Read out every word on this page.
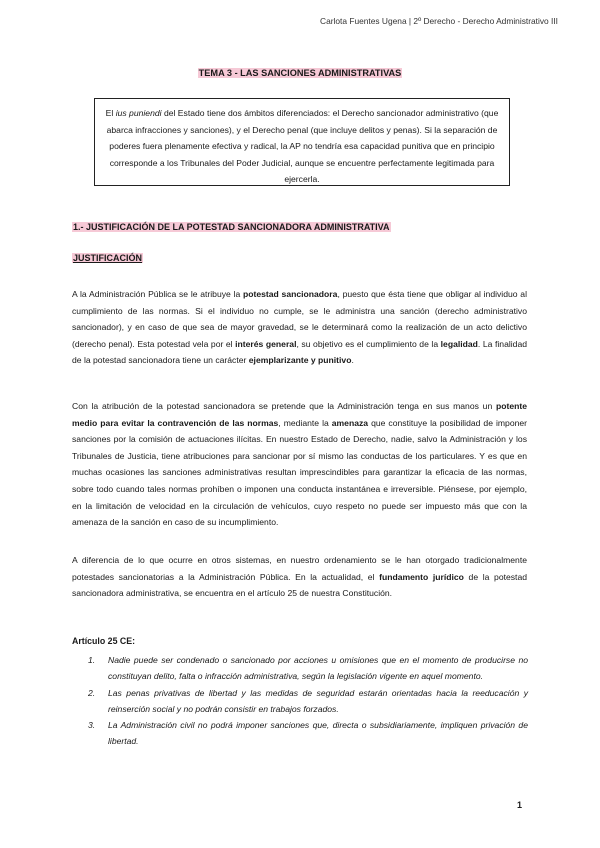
Carlota Fuentes Ugena | 2º Derecho - Derecho Administrativo III
TEMA 3 - LAS SANCIONES ADMINISTRATIVAS
El ius puniendi del Estado tiene dos ámbitos diferenciados: el Derecho sancionador administrativo (que abarca infracciones y sanciones), y el Derecho penal (que incluye delitos y penas). Si la separación de poderes fuera plenamente efectiva y radical, la AP no tendría esa capacidad punitiva que en principio corresponde a los Tribunales del Poder Judicial, aunque se encuentre perfectamente legitimada para ejercerla.
1.- JUSTIFICACIÓN DE LA POTESTAD SANCIONADORA ADMINISTRATIVA
JUSTIFICACIÓN

A la Administración Pública se le atribuye la potestad sancionadora, puesto que ésta tiene que obligar al individuo al cumplimiento de las normas. Si el individuo no cumple, se le administra una sanción (derecho administrativo sancionador), y en caso de que sea de mayor gravedad, se le determinará como la realización de un acto delictivo (derecho penal). Esta potestad vela por el interés general, su objetivo es el cumplimiento de la legalidad. La finalidad de la potestad sancionadora tiene un carácter ejemplarizante y punitivo.

Con la atribución de la potestad sancionadora se pretende que la Administración tenga en sus manos un potente medio para evitar la contravención de las normas, mediante la amenaza que constituye la posibilidad de imponer sanciones por la comisión de actuaciones ilícitas. En nuestro Estado de Derecho, nadie, salvo la Administración y los Tribunales de Justicia, tiene atribuciones para sancionar por sí mismo las conductas de los particulares. Y es que en muchas ocasiones las sanciones administrativas resultan imprescindibles para garantizar la eficacia de las normas, sobre todo cuando tales normas prohíben o imponen una conducta instantánea e irreversible. Piénsese, por ejemplo, en la limitación de velocidad en la circulación de vehículos, cuyo respeto no puede ser impuesto más que con la amenaza de la sanción en caso de su incumplimiento.

A diferencia de lo que ocurre en otros sistemas, en nuestro ordenamiento se le han otorgado tradicionalmente potestades sancionatorias a la Administración Pública. En la actualidad, el fundamento jurídico de la potestad sancionadora administrativa, se encuentra en el artículo 25 de nuestra Constitución.

Artículo 25 CE:
1. Nadie puede ser condenado o sancionado por acciones u omisiones que en el momento de producirse no constituyan delito, falta o infracción administrativa, según la legislación vigente en aquel momento.
2. Las penas privativas de libertad y las medidas de seguridad estarán orientadas hacia la reeducación y reinserción social y no podrán consistir en trabajos forzados.
3. La Administración civil no podrá imponer sanciones que, directa o subsidiariamente, impliquen privación de libertad.
1
